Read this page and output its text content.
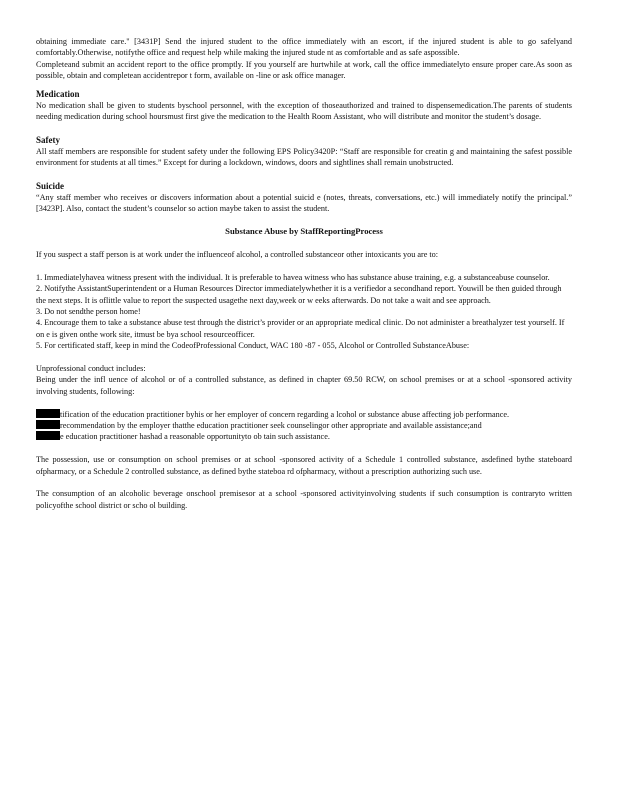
obtaining immediate care." [3431P] Send the injured student to the office immediately with an escort, if the injured student is able to go safelyand comfortably.Otherwise, notifythe office and request help while making the injured stude nt as comfortable and as safe aspossible.

Completeand submit an accident report to the office promptly. If you yourself are hurtwhile at work, call the office immediatelyto ensure proper care.As soon as possible, obtain and completean accidentrepor t form, available on -line or ask office manager.

Medication

No medication shall be given to students byschool personnel, with the exception of thoseauthorized and trained to dispensemedication.The parents of students needing medication during school hoursmust first give the medication to the Health Room Assistant, who will distribute and monitor the student’s dosage.

Safety

All staff members are responsible for student safety under the following EPS Policy3420P: “Staff are responsible for creatin g and maintaining the safest possible environment for students at all times.” Except for during a lockdown, windows, doors and sightlines shall remain unobstructed.

Suicide

“Any staff member who receives or discovers information about a potential suicid e (notes, threats, conversations, etc.) will immediately notify the principal.” [3423P]. Also, contact the student’s counselor so action maybe taken to assist the student.

Substance Abuse by StaffReportingProcess

If you suspect a staff person is at work under the influenceof alcohol, a controlled substanceor other intoxicants you are to:

1. Immediatelyhavea witness present with the individual. It is preferable to havea witness who has substance abuse training, e.g. a substanceabuse counselor.
2. Notifythe AssistantSuperintendent or a Human Resources Director immediatelywhether it is a verifiedor a secondhand report. Youwill be then guided through the next steps. It is oflittle value to report the suspected usagethe next day,week or w eeks afterwards. Do not take a wait and see approach.
3. Do not sendthe person home!
4. Encourage them to take a substance abuse test through the district’s provider or an appropriate medical clinic. Do not administer a breathalyzer test yourself. If on e is given onthe work site, itmust be bya school resourceofficer.
5. For certificated staff, keep in mind the CodeofProfessional Conduct, WAC 180 -87 - 055, Alcohol or Controlled SubstanceAbuse:

Unprofessional conduct includes:

Being under the infl uence of alcohol or of a controlled substance, as defined in chapter 69.50 RCW, on school premises or at a school -sponsored activity involving students, following:

tification of the education practitioner byhis or her employer of concern regarding a lcohol or substance abuse affecting job performance.

recommendation by the employer thatthe education practitioner seek counselingor other appropriate and available assistance;and

e education practitioner hashad a reasonable opportunityto ob tain such assistance.

The possession, use or consumption on school premises or at school -sponsored activity of a Schedule 1 controlled substance, asdefined bythe stateboard ofpharmacy, or a Schedule 2 controlled substance, as defined bythe stateboa rd ofpharmacy, without a prescription authorizing such use.

The consumption of an alcoholic beverage onschool premisesor at a school -sponsored activityinvolving students if such consumption is contraryto written policyofthe school district or scho ol building.
